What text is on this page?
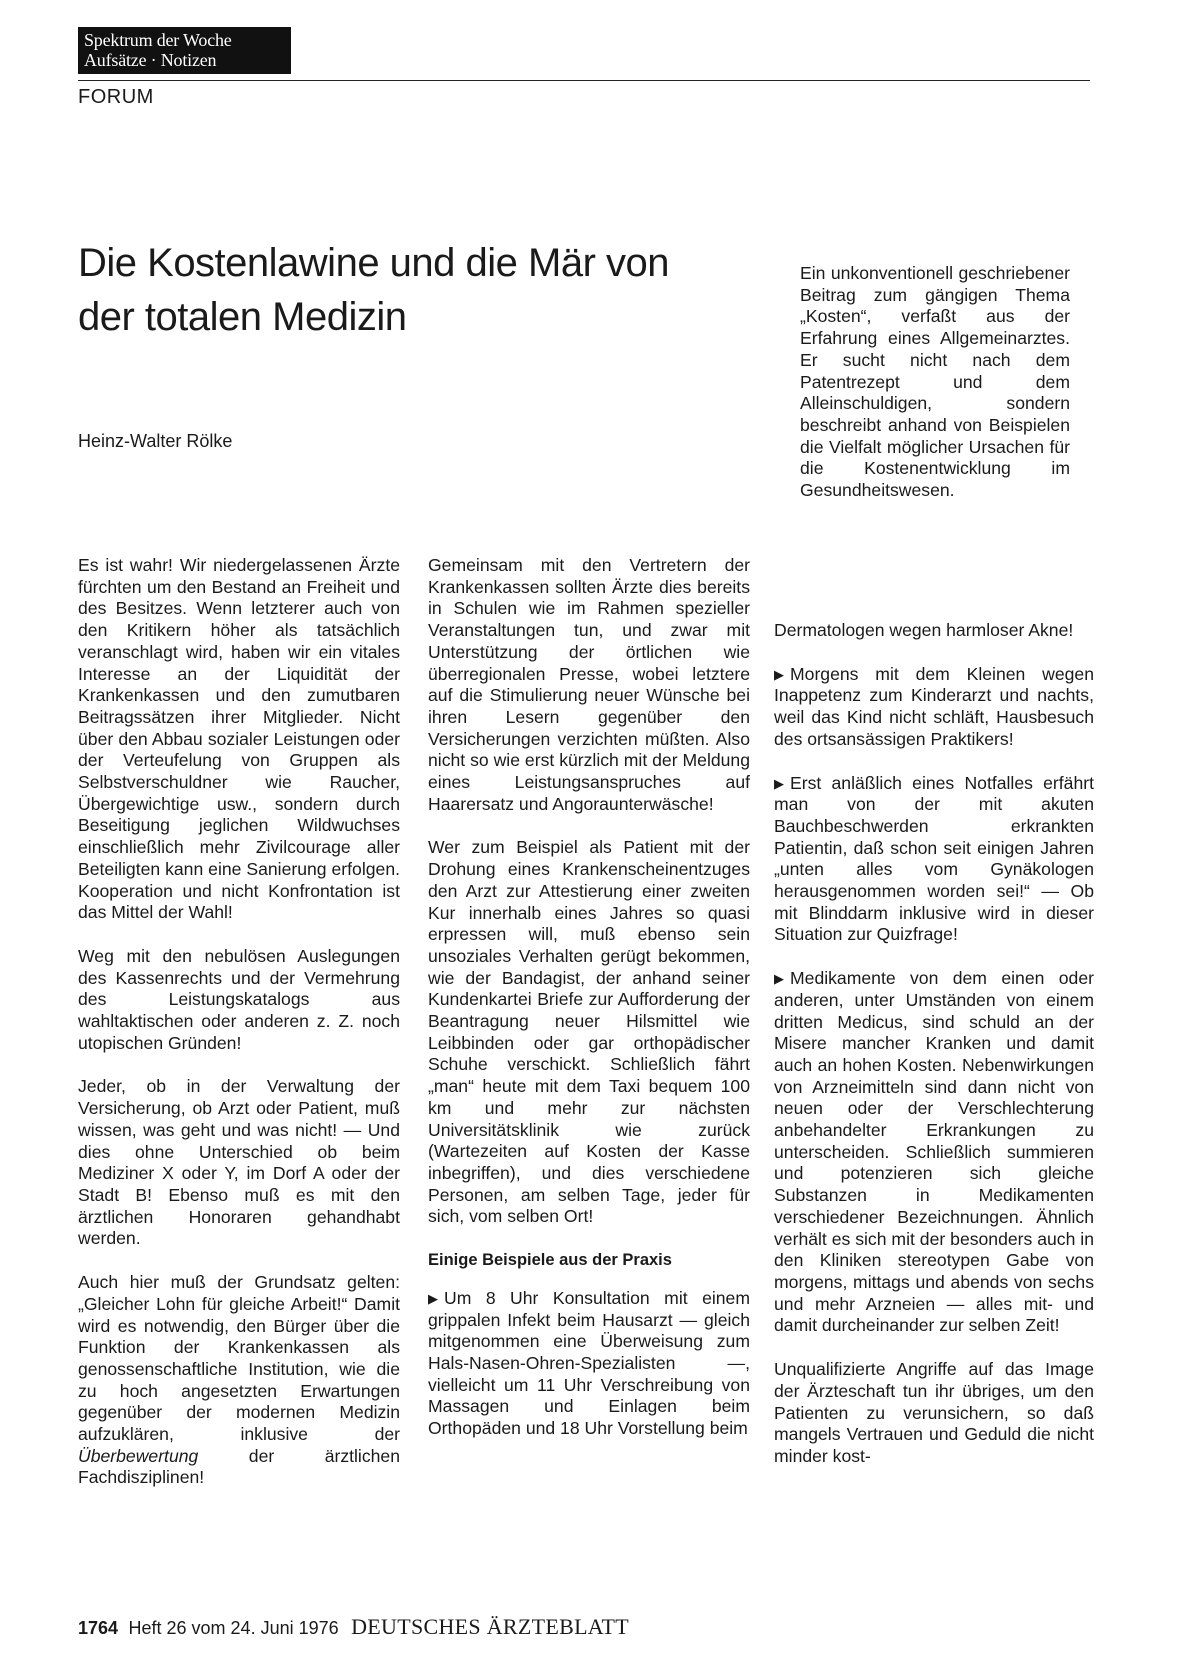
Spektrum der Woche
Aufsätze · Notizen
FORUM
Die Kostenlawine und die Mär von der totalen Medizin
Heinz-Walter Rölke
Ein unkonventionell geschriebener Beitrag zum gängigen Thema „Kosten“, verfaßt aus der Erfahrung eines Allgemeinarztes. Er sucht nicht nach dem Patentrezept und dem Alleinschuldigen, sondern beschreibt anhand von Beispielen die Vielfalt möglicher Ursachen für die Kostenentwicklung im Gesundheitswesen.

Es ist wahr! Wir niedergelassenen Ärzte fürchten um den Bestand an Freiheit und des Besitzes. Wenn letzterer auch von den Kritikern höher als tatsächlich veranschlagt wird, haben wir ein vitales Interesse an der Liquidität der Krankenkassen und den zumutbaren Beitragssätzen ihrer Mitglieder. Nicht über den Abbau sozialer Leistungen oder der Verteufelung von Gruppen als Selbstverschuldner wie Raucher, Übergewichtige usw., sondern durch Beseitigung jeglichen Wildwuchses einschließlich mehr Zivilcourage aller Beteiligten kann eine Sanierung erfolgen. Kooperation und nicht Konfrontation ist das Mittel der Wahl!

Weg mit den nebulösen Auslegungen des Kassenrechts und der Vermehrung des Leistungskatalogs aus wahltaktischen oder anderen z. Z. noch utopischen Gründen!

Jeder, ob in der Verwaltung der Versicherung, ob Arzt oder Patient, muß wissen, was geht und was nicht! — Und dies ohne Unterschied ob beim Mediziner X oder Y, im Dorf A oder der Stadt B! Ebenso muß es mit den ärztlichen Honoraren gehandhabt werden.

Auch hier muß der Grundsatz gelten: „Gleicher Lohn für gleiche Arbeit!“ Damit wird es notwendig, den Bürger über die Funktion der Krankenkassen als genossenschaftliche Institution, wie die zu hoch angesetzten Erwartungen gegenüber der modernen Medizin aufzuklären, inklusive der Überbewertung	der ärztlichen Fachdisziplinen!

Gemeinsam mit den Vertretern der Krankenkassen sollten Ärzte dies bereits in Schulen wie im Rahmen spezieller Veranstaltungen tun, und zwar mit Unterstützung der örtlichen wie überregionalen Presse, wobei letztere auf die Stimulierung neuer Wünsche bei ihren Lesern gegenüber den Versicherungen verzichten müßten. Also nicht so wie erst kürzlich mit der Meldung eines Leistungsanspruches auf Haarersatz und Angoraunterwäsche!

Wer zum Beispiel als Patient mit der Drohung eines Krankenscheinentzuges den Arzt zur Attestierung einer zweiten Kur innerhalb eines Jahres so quasi erpressen will, muß ebenso sein unsoziales Verhalten gerügt bekommen, wie der Bandagist, der anhand seiner Kundenkartei Briefe zur Aufforderung der Beantragung neuer Hilsmittel wie Leibbinden oder gar orthopädischer Schuhe verschickt. Schließlich fährt „man“ heute mit dem Taxi bequem 100 km und mehr zur nächsten Universitätsklinik wie zurück (Wartezeiten auf Kosten der Kasse inbegriffen), und dies verschiedene Personen, am selben Tage, jeder für sich, vom selben Ort!

Einige Beispiele aus der Praxis

▶ Um 8 Uhr Konsultation mit einem grippalen Infekt beim Hausarzt — gleich mitgenommen eine Überweisung zum Hals-Nasen-Ohren-Spezialisten —, vielleicht um 11 Uhr Verschreibung von Massagen und Einlagen beim Orthopäden und 18 Uhr Vorstellung beim

Dermatologen wegen harmloser Akne!

▶ Morgens mit dem Kleinen wegen Inappetenz zum Kinderarzt und nachts, weil das Kind nicht schläft, Hausbesuch des ortsansässigen Praktikers!

▶ Erst anläßlich eines Notfalles erfährt man von der mit akuten Bauchbeschwerden erkrankten Patientin, daß schon seit einigen Jahren „unten alles vom Gynäkologen herausgenommen worden sei!“ — Ob mit Blinddarm inklusive wird in dieser Situation zur Quizfrage!

▶ Medikamente von dem einen oder anderen, unter Umständen von einem dritten Medicus, sind schuld an der Misere mancher Kranken und damit auch an hohen Kosten. Nebenwirkungen von Arzneimitteln sind dann nicht von neuen oder der Verschlechterung anbehandelter Erkrankungen zu unterscheiden. Schließlich summieren und potenzieren sich gleiche Substanzen in Medikamenten verschiedener Bezeichnungen. Ähnlich verhält es sich mit der besonders auch in den Kliniken stereotypen Gabe von morgens, mittags und abends von sechs und mehr Arzneien — alles mit- und damit durcheinander zur selben Zeit!

Unqualifizierte Angriffe auf das Image der Ärzteschaft tun ihr übriges, um den Patienten zu verunsichern, so daß mangels Vertrauen und Geduld die nicht minder kost-

1764 Heft 26 vom 24. Juni 1976 DEUTSCHES ÄRZTEBLATT
